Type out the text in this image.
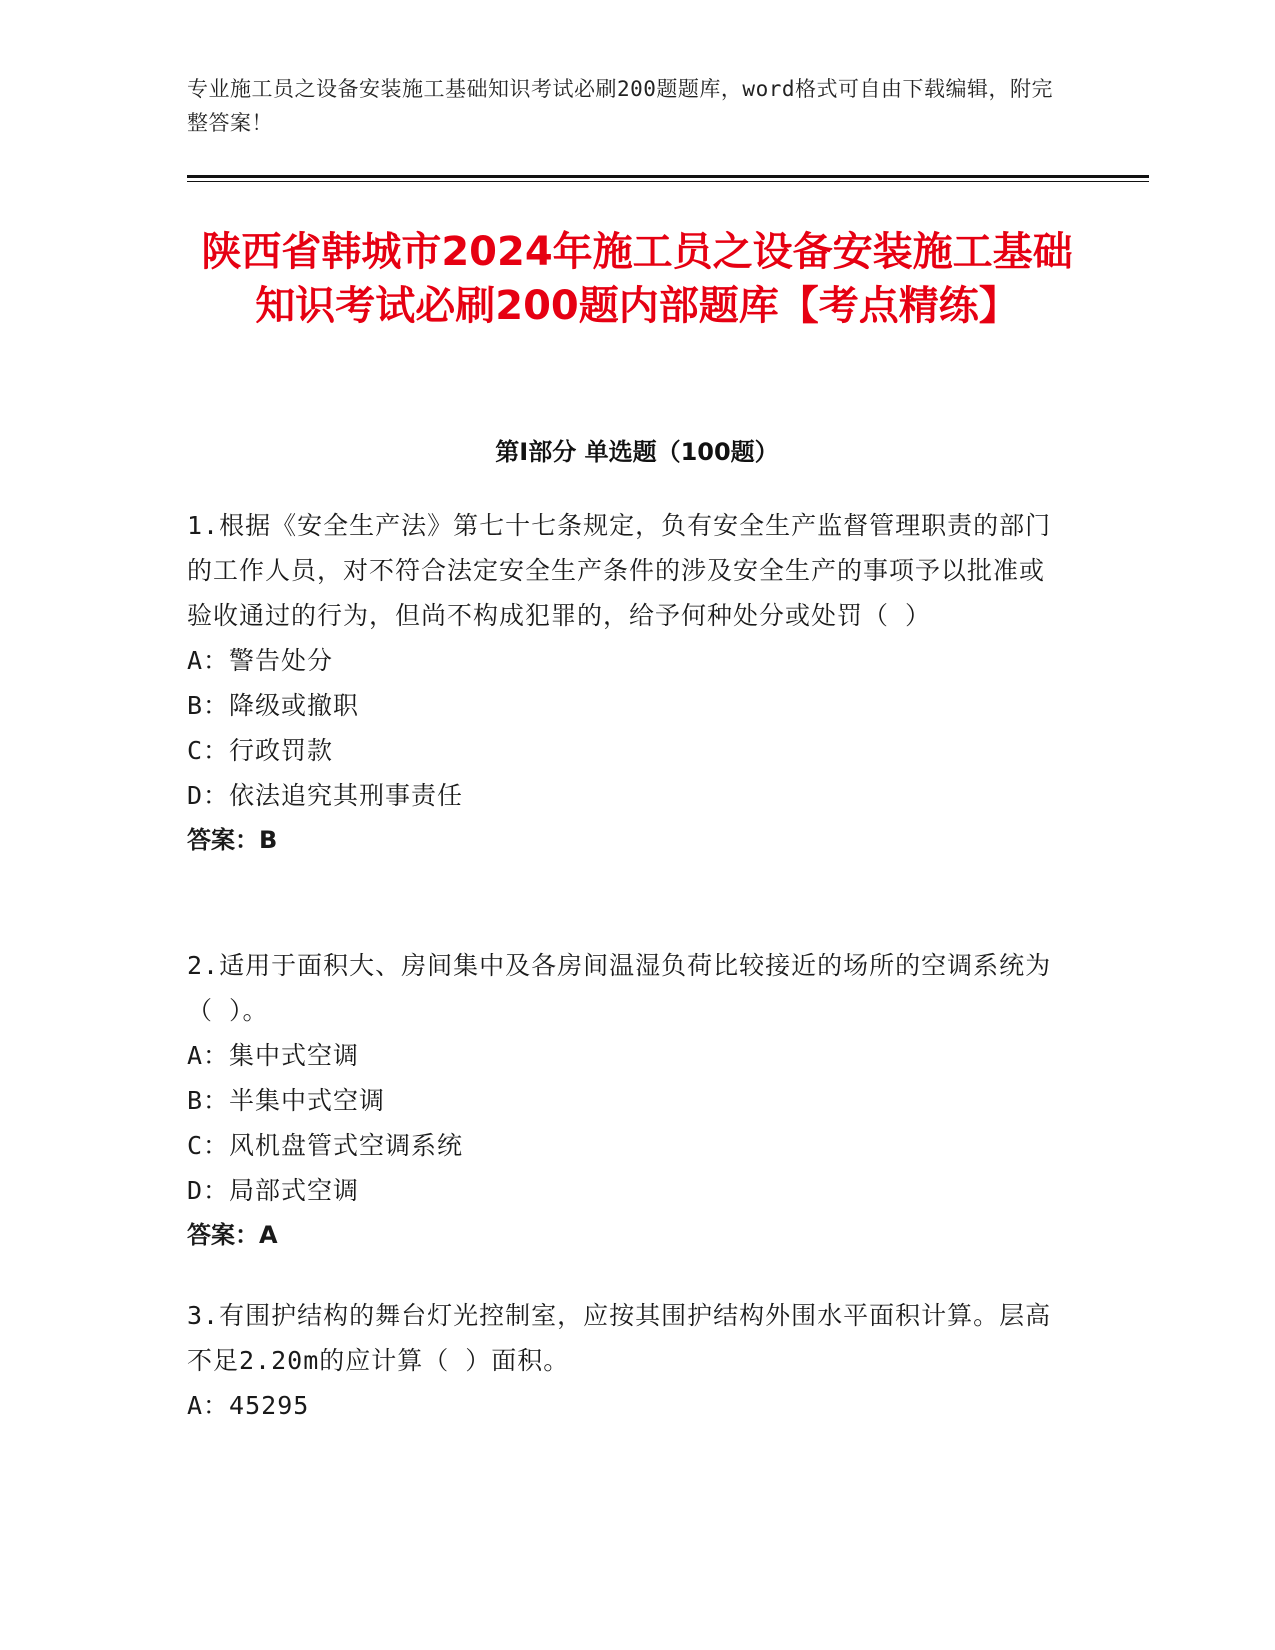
专业施工员之设备安装施工基础知识考试必刷200题题库，word格式可自由下载编辑，附完整答案！
陕西省韩城市2024年施工员之设备安装施工基础知识考试必刷200题内部题库【考点精练】
第I部分 单选题（100题）
1.根据《安全生产法》第七十七条规定，负有安全生产监督管理职责的部门的工作人员，对不符合法定安全生产条件的涉及安全生产的事项予以批准或验收通过的行为，但尚不构成犯罪的，给予何种处分或处罚（ ）
A：警告处分
B：降级或撤职
C：行政罚款
D：依法追究其刑事责任
答案：B
2.适用于面积大、房间集中及各房间温湿负荷比较接近的场所的空调系统为（ ）。
A：集中式空调
B：半集中式空调
C：风机盘管式空调系统
D：局部式空调
答案：A
3.有围护结构的舞台灯光控制室，应按其围护结构外围水平面积计算。层高不足2.20m的应计算（ ）面积。
A：45295
